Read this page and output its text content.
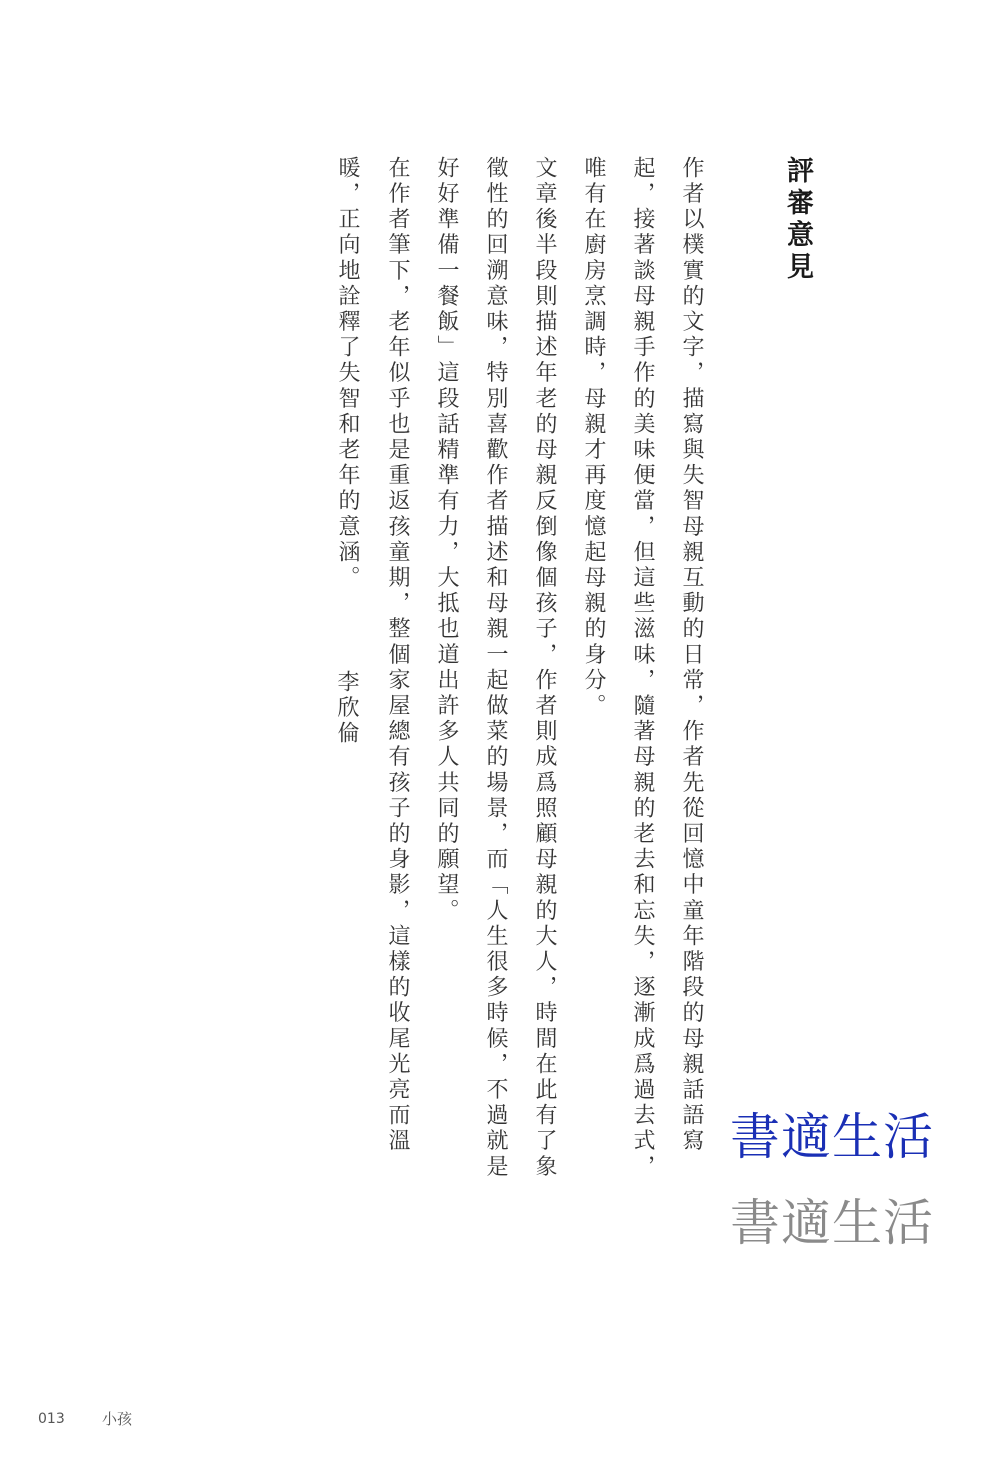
評審意見
作者以樸實的文字，描寫與失智母親互動的日常，作者先從回憶中童年階段的母親話語寫
起，接著談母親手作的美味便當，但這些滋味，隨著母親的老去和忘失，逐漸成爲過去式，
唯有在廚房烹調時，母親才再度憶起母親的身分。
文章後半段則描述年老的母親反倒像個孩子，作者則成爲照顧母親的大人，時間在此有了象
徵性的回溯意味，特別喜歡作者描述和母親一起做菜的場景，而「人生很多時候，不過就是
好好準備一餐飯」這段話精準有力，大抵也道出許多人共同的願望。
在作者筆下，老年似乎也是重返孩童期，整個家屋總有孩子的身影，這樣的收尾光亮而溫
暖，正向地詮釋了失智和老年的意涵。
李欣倫
書適生活
書適生活
013 小孩
